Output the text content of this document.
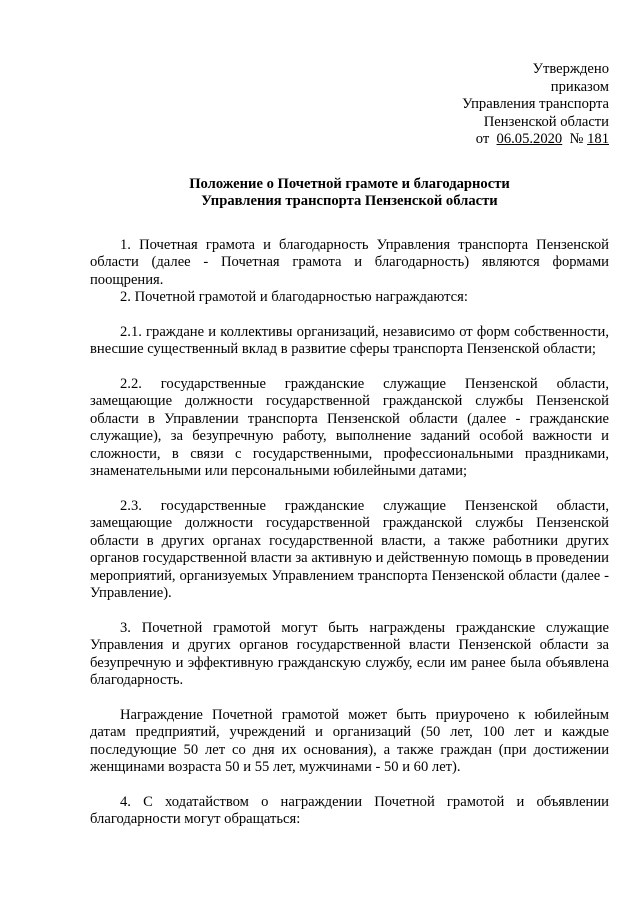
Утверждено
приказом
Управления транспорта
Пензенской области
от 06.05.2020 № 181
Положение о Почетной грамоте и благодарности
Управления транспорта Пензенской области

1. Почетная грамота и благодарность Управления транспорта Пензенской области (далее - Почетная грамота и благодарность) являются формами поощрения.

2. Почетной грамотой и благодарностью награждаются:

2.1. граждане и коллективы организаций, независимо от форм собственности, внесшие существенный вклад в развитие сферы транспорта Пензенской области;

2.2. государственные гражданские служащие Пензенской области, замещающие должности государственной гражданской службы Пензенской области в Управлении транспорта Пензенской области (далее - гражданские служащие), за безупречную работу, выполнение заданий особой важности и сложности, в связи с государственными, профессиональными праздниками, знаменательными или персональными юбилейными датами;

2.3. государственные гражданские служащие Пензенской области, замещающие должности государственной гражданской службы Пензенской области в других органах государственной власти, а также работники других органов государственной власти за активную и действенную помощь в проведении мероприятий, организуемых Управлением транспорта Пензенской области (далее - Управление).

3. Почетной грамотой могут быть награждены гражданские служащие Управления и других органов государственной власти Пензенской области за безупречную и эффективную гражданскую службу, если им ранее была объявлена благодарность.

Награждение Почетной грамотой может быть приурочено к юбилейным датам предприятий, учреждений и организаций (50 лет, 100 лет и каждые последующие 50 лет со дня их основания), а также граждан (при достижении женщинами возраста 50 и 55 лет, мужчинами - 50 и 60 лет).

4. С ходатайством о награждении Почетной грамотой и объявлении благодарности могут обращаться:
